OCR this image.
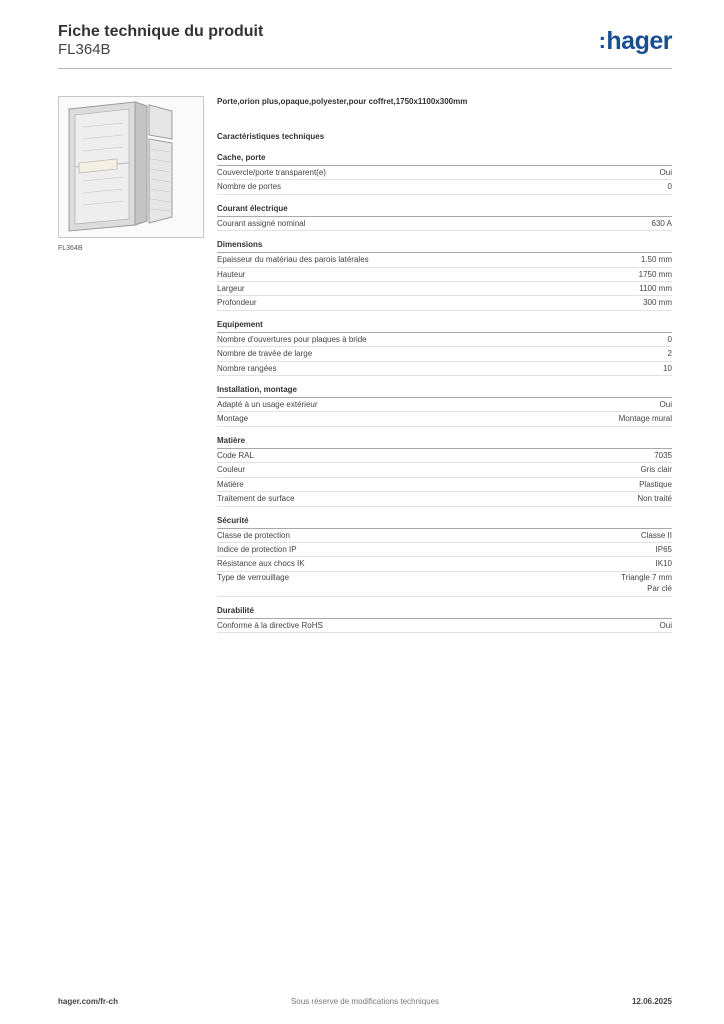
Fiche technique du produit
FL364B	:hager
FL364B
Porte,orion plus,opaque,polyester,pour coffret,1750x1100x300mm
Caractéristiques techniques
Cache, porte
Couvercle/porte transparent(e)	Oui
Nombre de portes	0
Courant électrique
Courant assigné nominal	630 A
Dimensions
Epaisseur du matériau des parois latérales	1.50 mm
Hauteur	1750 mm
Largeur	1100 mm
Profondeur	300 mm
Equipement
Nombre d'ouvertures pour plaques à bride	0
Nombre de travée de large	2
Nombre rangées	10
Installation, montage
Adapté à un usage extérieur	Oui
Montage	Montage mural
Matière
Code RAL	7035
Couleur	Gris clair
Matière	Plastique
Traitement de surface	Non traité
Sécurité
Classe de protection	Classe II
Indice de protection IP	IP65
Résistance aux chocs IK	IK10
Type de verrouillage	Triangle 7 mm
Par clé
Durabilité
Conforme à la directive RoHS	Oui
hager.com/fr-ch	Sous réserve de modifications techniques	12.06.2025
